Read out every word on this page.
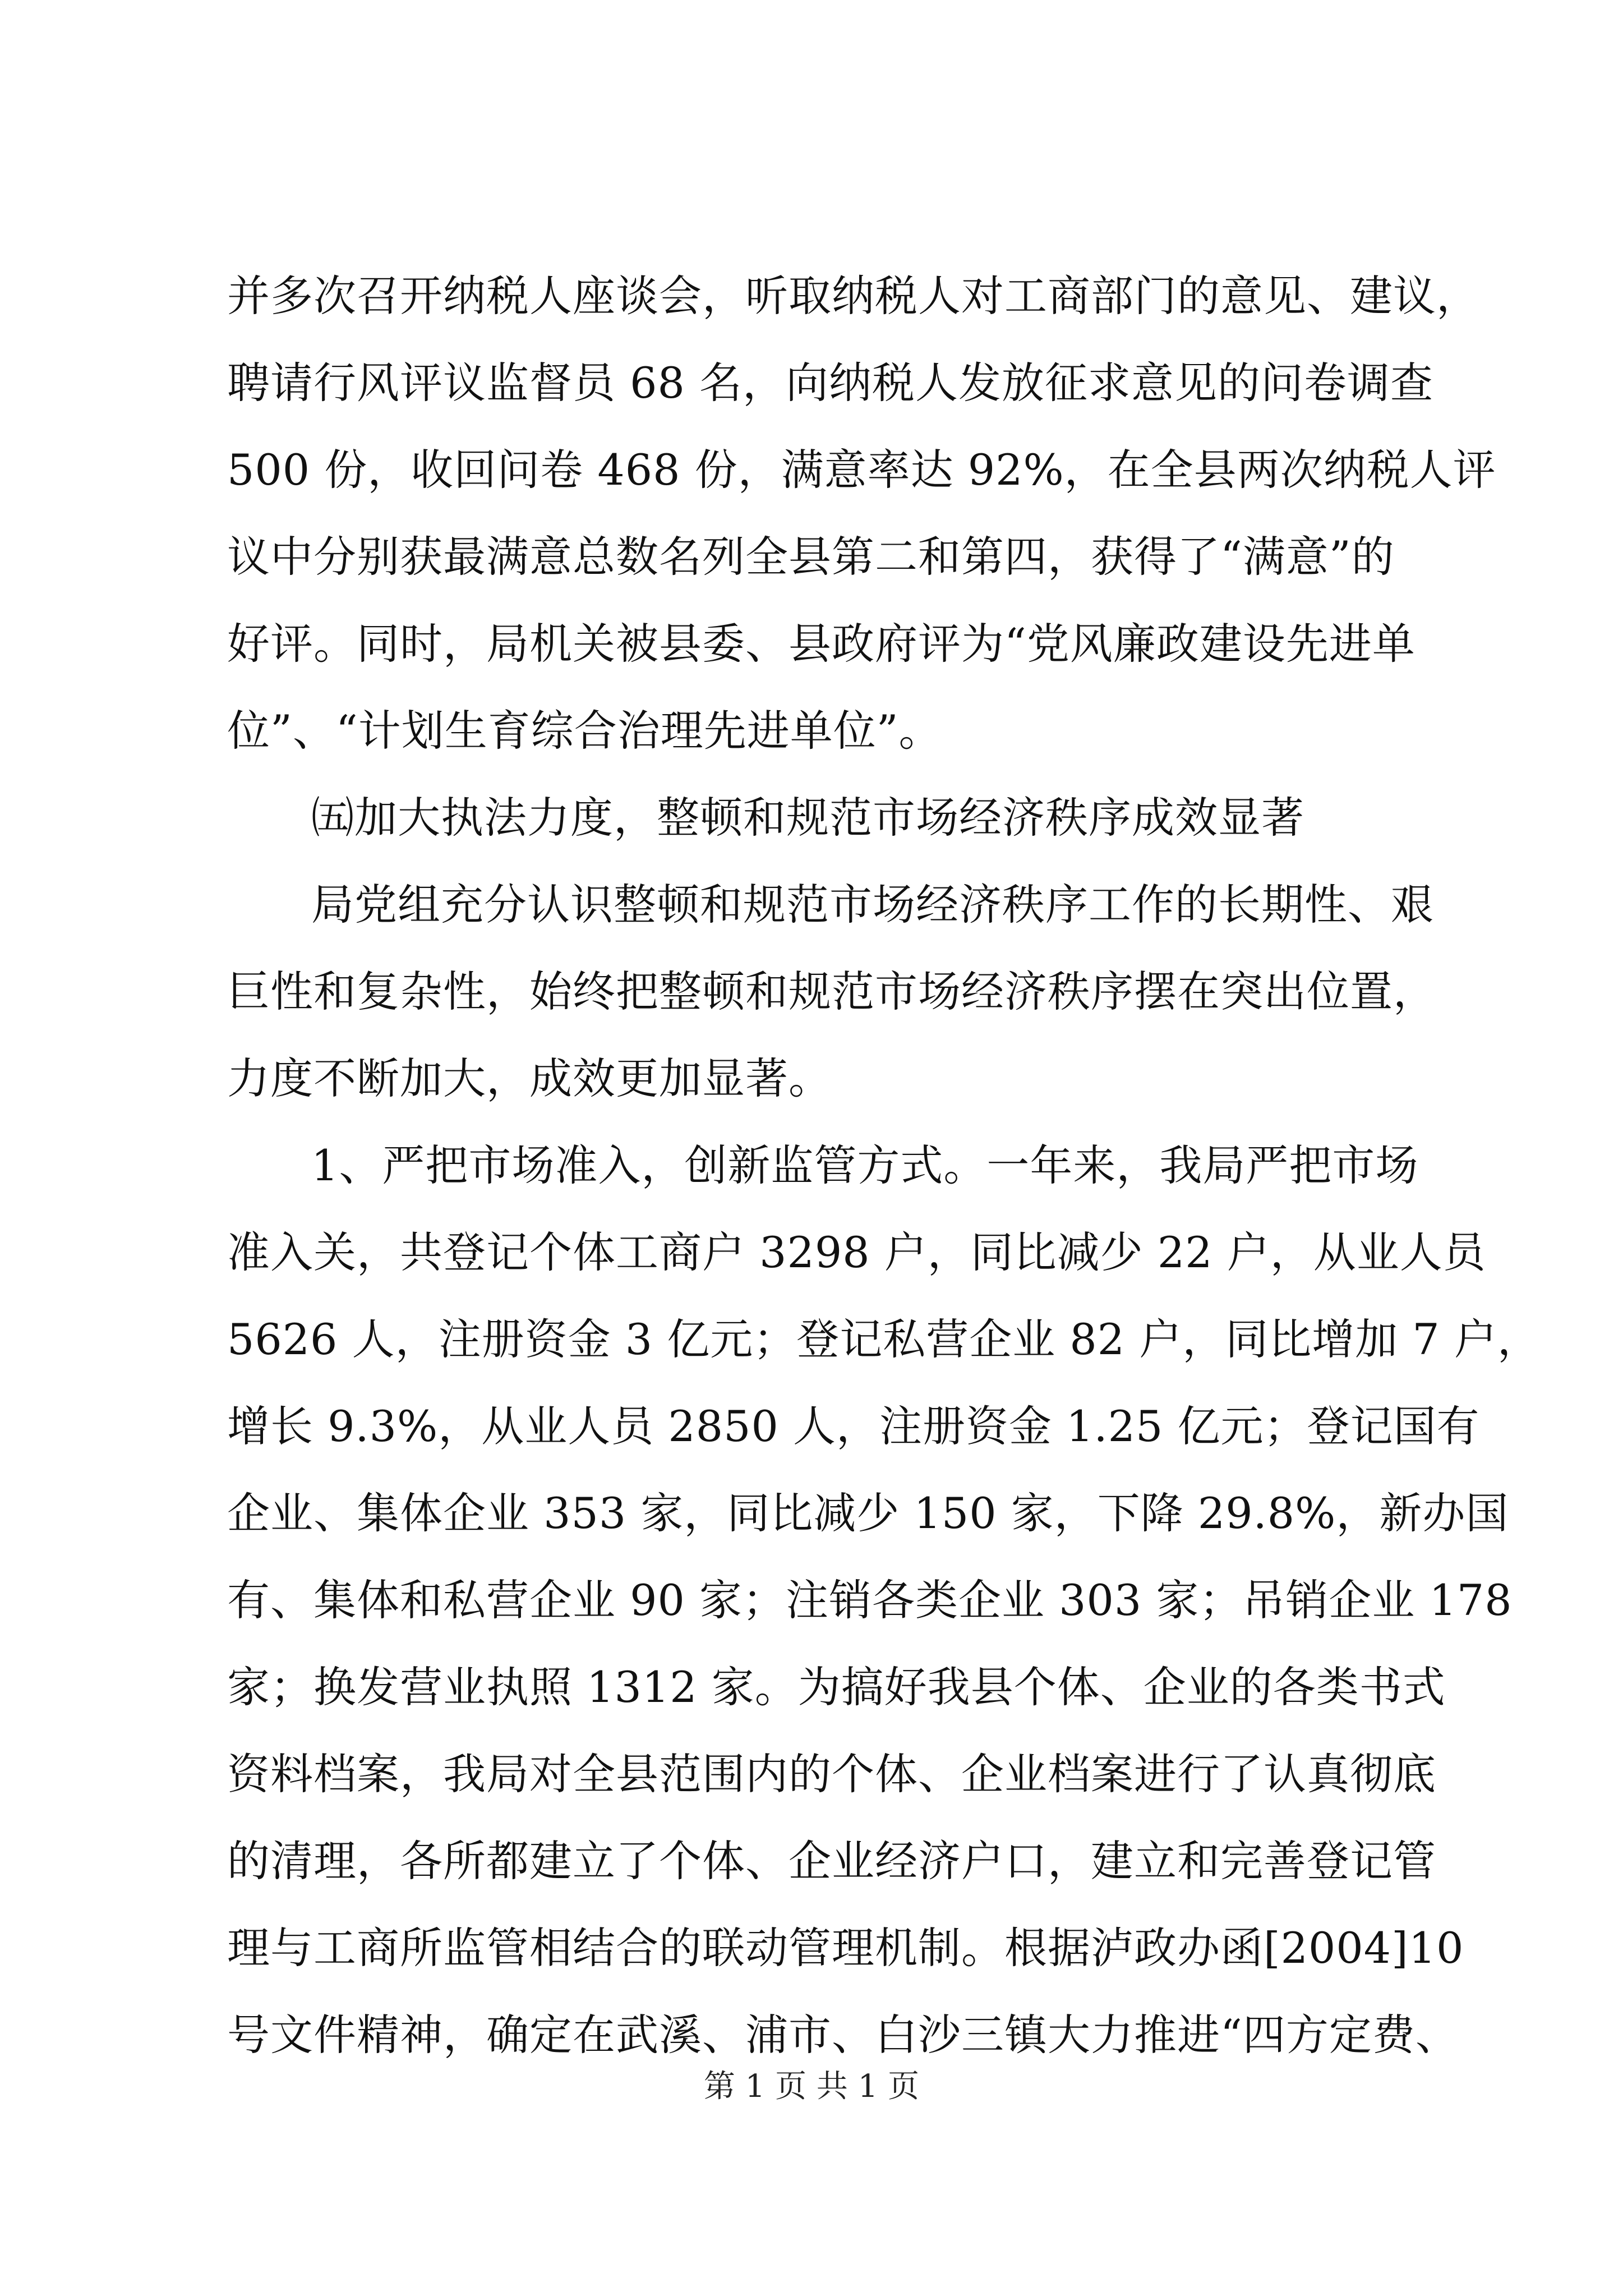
并多次召开纳税人座谈会，听取纳税人对工商部门的意见、建议，
聘请行风评议监督员 68 名，向纳税人发放征求意见的问卷调查
500 份，收回问卷 468 份，满意率达 92%，在全县两次纳税人评
议中分别获最满意总数名列全县第二和第四，获得了“满意”的
好评。同时，局机关被县委、县政府评为“党风廉政建设先进单
位”、“计划生育综合治理先进单位”。
㈤加大执法力度，整顿和规范市场经济秩序成效显著
局党组充分认识整顿和规范市场经济秩序工作的长期性、艰
巨性和复杂性，始终把整顿和规范市场经济秩序摆在突出位置，
力度不断加大，成效更加显著。
1、严把市场准入，创新监管方式。一年来，我局严把市场
准入关，共登记个体工商户 3298 户，同比减少 22 户，从业人员
5626 人，注册资金 3 亿元；登记私营企业 82 户，同比增加 7 户，
增长 9.3%，从业人员 2850 人，注册资金 1.25 亿元；登记国有
企业、集体企业 353 家，同比减少 150 家，下降 29.8%，新办国
有、集体和私营企业 90 家；注销各类企业 303 家；吊销企业 178
家；换发营业执照 1312 家。为搞好我县个体、企业的各类书式
资料档案，我局对全县范围内的个体、企业档案进行了认真彻底
的清理，各所都建立了个体、企业经济户口，建立和完善登记管
理与工商所监管相结合的联动管理机制。根据泸政办函[2004]10
号文件精神，确定在武溪、浦市、白沙三镇大力推进“四方定费、
第 1 页 共 1 页
